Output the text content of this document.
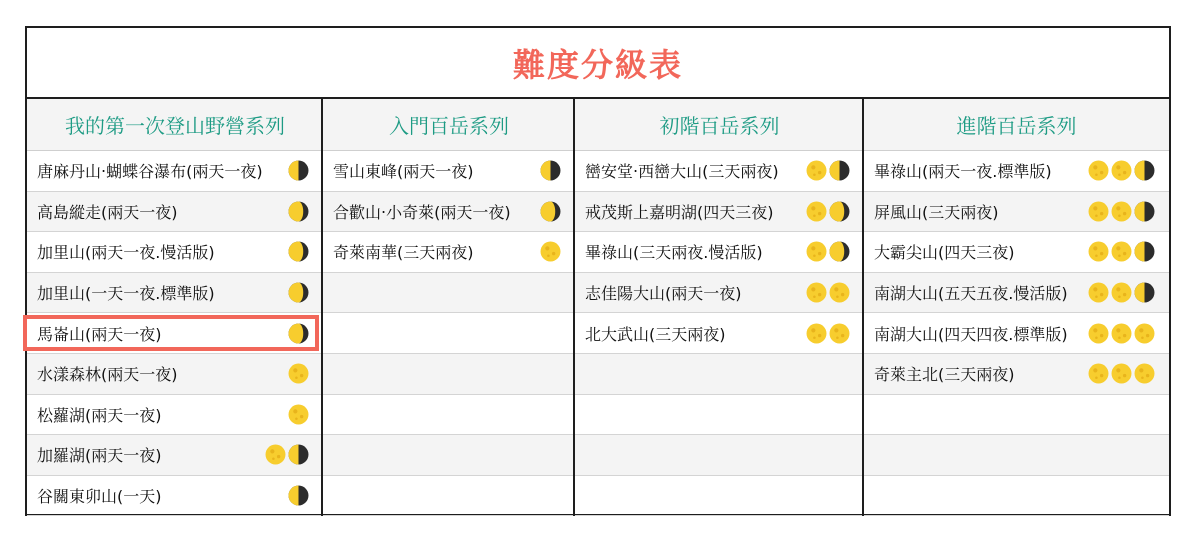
難度分級表
我的第一次登山野營系列
唐麻丹山‧蝴蝶谷瀑布(兩天一夜)
高島縱走(兩天一夜)
加里山(兩天一夜.慢活版)
加里山(一天一夜.標準版)
馬崙山(兩天一夜)
水漾森林(兩天一夜)
松蘿湖(兩天一夜)
加羅湖(兩天一夜)
谷關東卯山(一天)
入門百岳系列
雪山東峰(兩天一夜)
合歡山‧小奇萊(兩天一夜)
奇萊南華(三天兩夜)
初階百岳系列
巒安堂‧西巒大山(三天兩夜)
戒茂斯上嘉明湖(四天三夜)
畢祿山(三天兩夜.慢活版)
志佳陽大山(兩天一夜)
北大武山(三天兩夜)
進階百岳系列
畢祿山(兩天一夜.標準版)
屏風山(三天兩夜)
大霸尖山(四天三夜)
南湖大山(五天五夜.慢活版)
南湖大山(四天四夜.標準版)
奇萊主北(三天兩夜)
